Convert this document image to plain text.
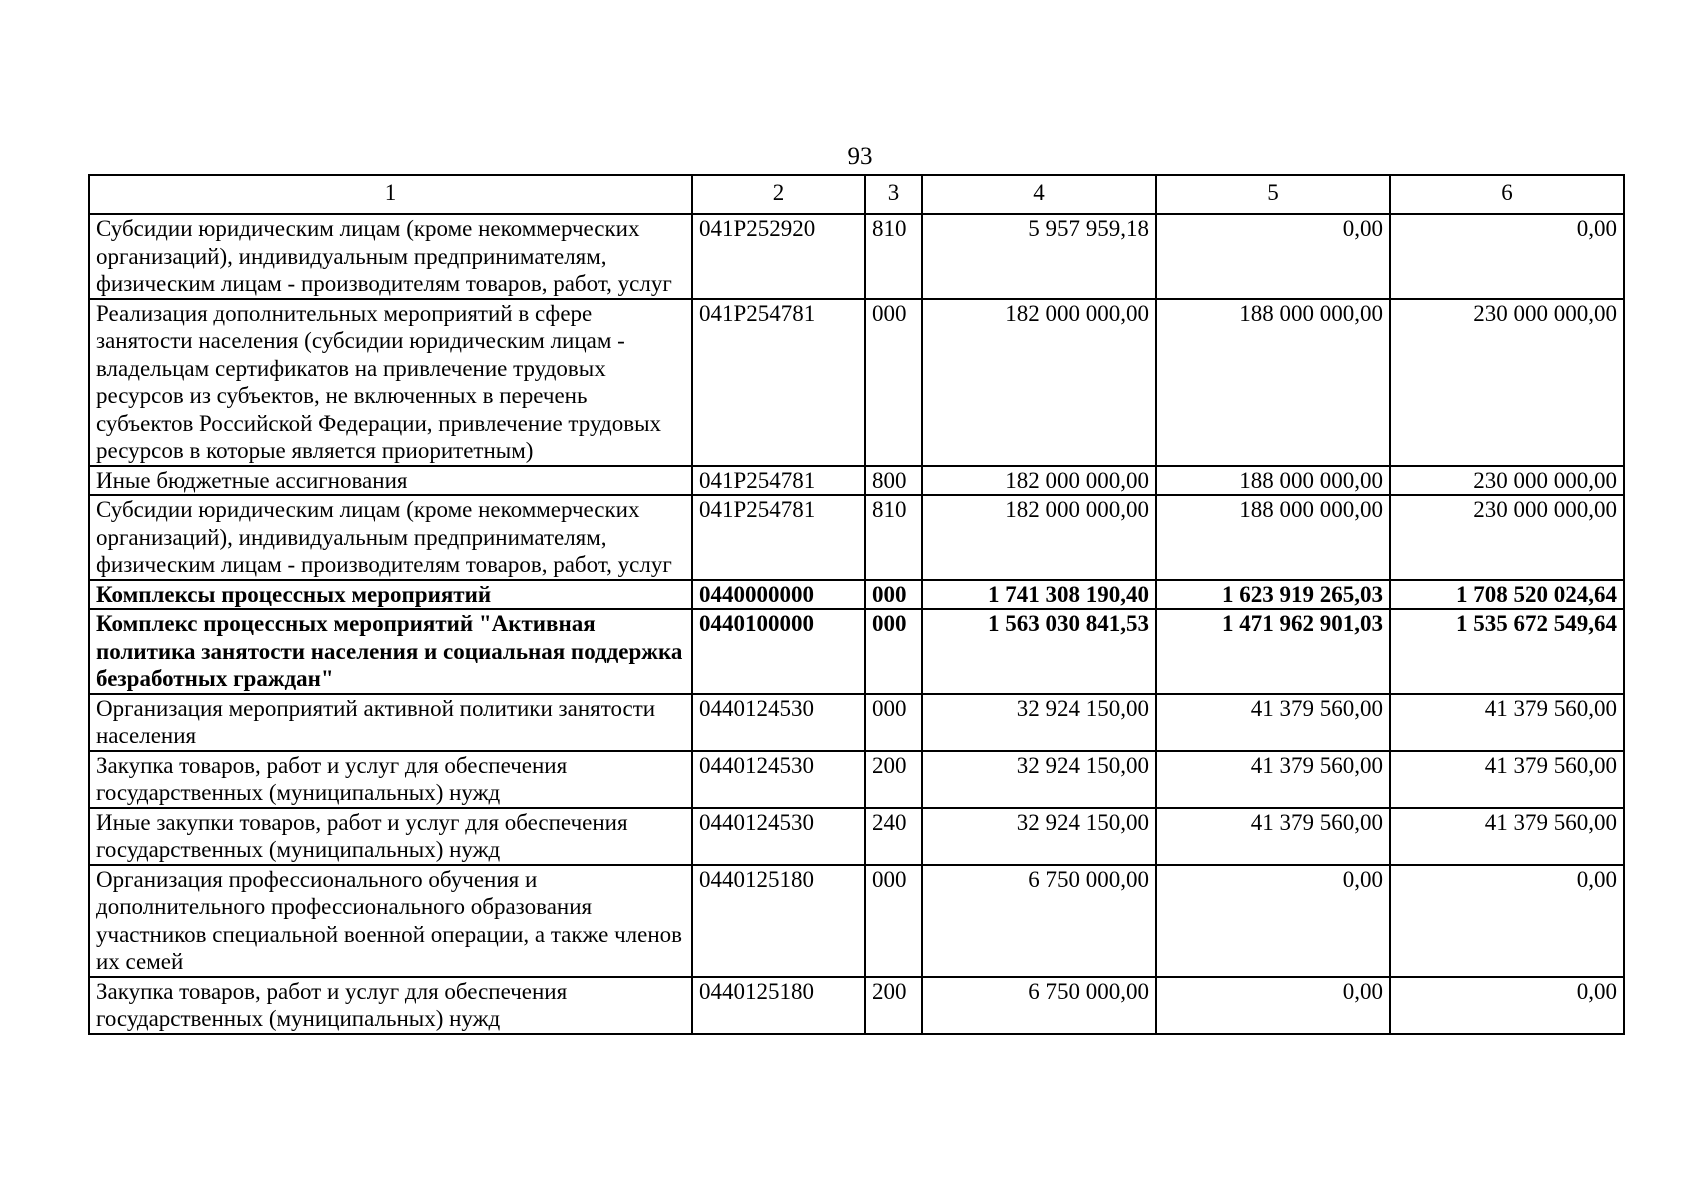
93
1	2	3	4	5	6
Субсидии юридическим лицам (кроме некоммерческих организаций), индивидуальным предпринимателям, физическим лицам - производителям товаров, работ, услуг	041P252920	810	5 957 959,18	0,00	0,00
Реализация дополнительных мероприятий в сфере занятости населения (субсидии юридическим лицам - владельцам сертификатов на привлечение трудовых ресурсов из субъектов, не включенных в перечень субъектов Российской Федерации, привлечение трудовых ресурсов в которые является приоритетным)	041P254781	000	182 000 000,00	188 000 000,00	230 000 000,00
Иные бюджетные ассигнования	041P254781	800	182 000 000,00	188 000 000,00	230 000 000,00
Субсидии юридическим лицам (кроме некоммерческих организаций), индивидуальным предпринимателям, физическим лицам - производителям товаров, работ, услуг	041P254781	810	182 000 000,00	188 000 000,00	230 000 000,00
Комплексы процессных мероприятий	0440000000	000	1 741 308 190,40	1 623 919 265,03	1 708 520 024,64
Комплекс процессных мероприятий "Активная политика занятости населения и социальная поддержка безработных граждан"	0440100000	000	1 563 030 841,53	1 471 962 901,03	1 535 672 549,64
Организация мероприятий активной политики занятости населения	0440124530	000	32 924 150,00	41 379 560,00	41 379 560,00
Закупка товаров, работ и услуг для обеспечения государственных (муниципальных) нужд	0440124530	200	32 924 150,00	41 379 560,00	41 379 560,00
Иные закупки товаров, работ и услуг для обеспечения государственных (муниципальных) нужд	0440124530	240	32 924 150,00	41 379 560,00	41 379 560,00
Организация профессионального обучения и дополнительного профессионального образования участников специальной военной операции, а также членов их семей	0440125180	000	6 750 000,00	0,00	0,00
Закупка товаров, работ и услуг для обеспечения государственных (муниципальных) нужд	0440125180	200	6 750 000,00	0,00	0,00
